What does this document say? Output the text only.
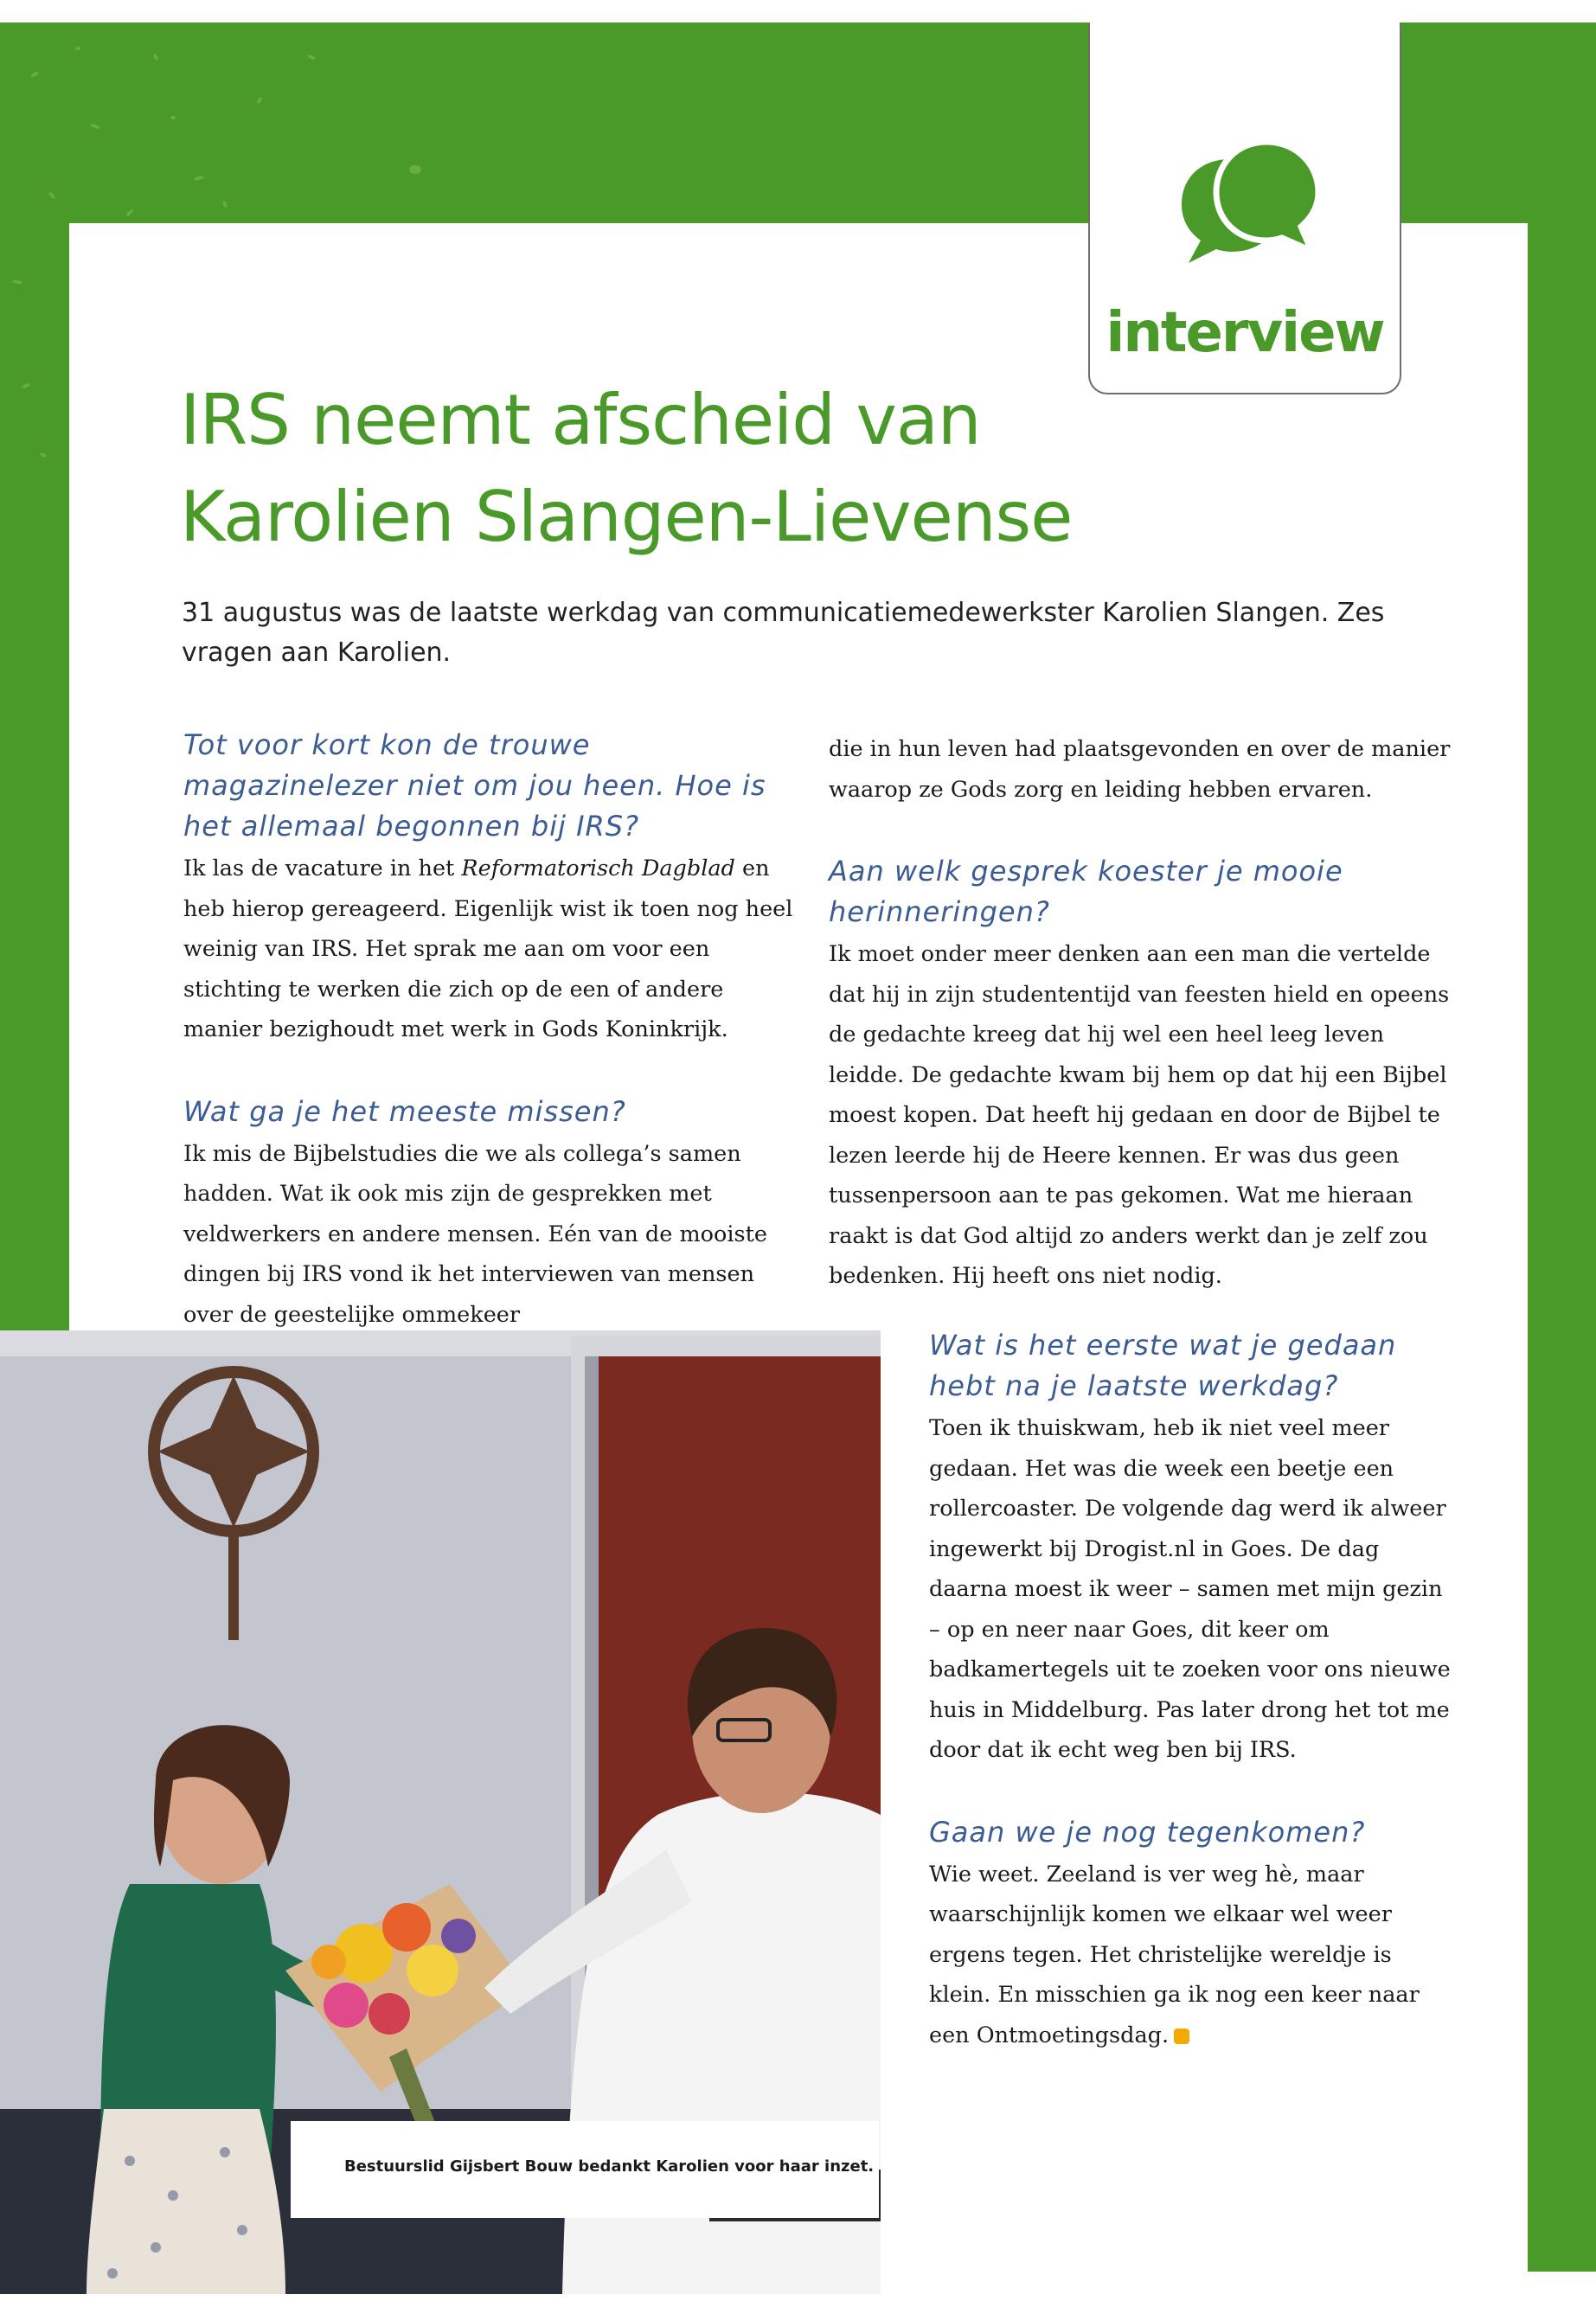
interview
IRS neemt afscheid van
Karolien Slangen-Lievense

31 augustus was de laatste werkdag van communicatiemedewerkster Karolien Slangen. Zes vragen aan Karolien.

Tot voor kort kon de trouwe magazinelezer niet om jou heen. Hoe is het allemaal begonnen bij IRS?

Ik las de vacature in het Reformatorisch Dagblad en heb hierop gereageerd. Eigenlijk wist ik toen nog heel weinig van IRS. Het sprak me aan om voor een stichting te werken die zich op de een of andere manier bezighoudt met werk in Gods Koninkrijk.

Wat ga je het meeste missen?

Ik mis de Bijbelstudies die we als collega’s samen hadden. Wat ik ook mis zijn de gesprekken met veldwerkers en andere mensen. Eén van de mooiste dingen bij IRS vond ik het interviewen van mensen over de geestelijke ommekeer

die in hun leven had plaatsgevonden en over de manier waarop ze Gods zorg en leiding hebben ervaren.

Aan welk gesprek koester je mooie herinneringen?

Ik moet onder meer denken aan een man die vertelde dat hij in zijn studententijd van feesten hield en opeens de gedachte kreeg dat hij wel een heel leeg leven leidde. De gedachte kwam bij hem op dat hij een Bijbel moest kopen. Dat heeft hij gedaan en door de Bijbel te lezen leerde hij de Heere kennen. Er was dus geen tussenpersoon aan te pas gekomen. Wat me hieraan raakt is dat God altijd zo anders werkt dan je zelf zou bedenken. Hij heeft ons niet nodig.

Wat is het eerste wat je gedaan hebt na je laatste werkdag?

Toen ik thuiskwam, heb ik niet veel meer gedaan. Het was die week een beetje een rollercoaster. De volgende dag werd ik alweer ingewerkt bij Drogist.nl in Goes. De dag daarna moest ik weer – samen met mijn gezin – op en neer naar Goes, dit keer om badkamertegels uit te zoeken voor ons nieuwe huis in Middelburg. Pas later drong het tot me door dat ik echt weg ben bij IRS.

Gaan we je nog tegenkomen?

Wie weet. Zeeland is ver weg hè, maar waarschijnlijk komen we elkaar wel weer ergens tegen. Het christelijke wereldje is klein. En misschien ga ik nog een keer naar een Ontmoetingsdag.

Bestuurslid Gijsbert Bouw bedankt Karolien voor haar inzet.
